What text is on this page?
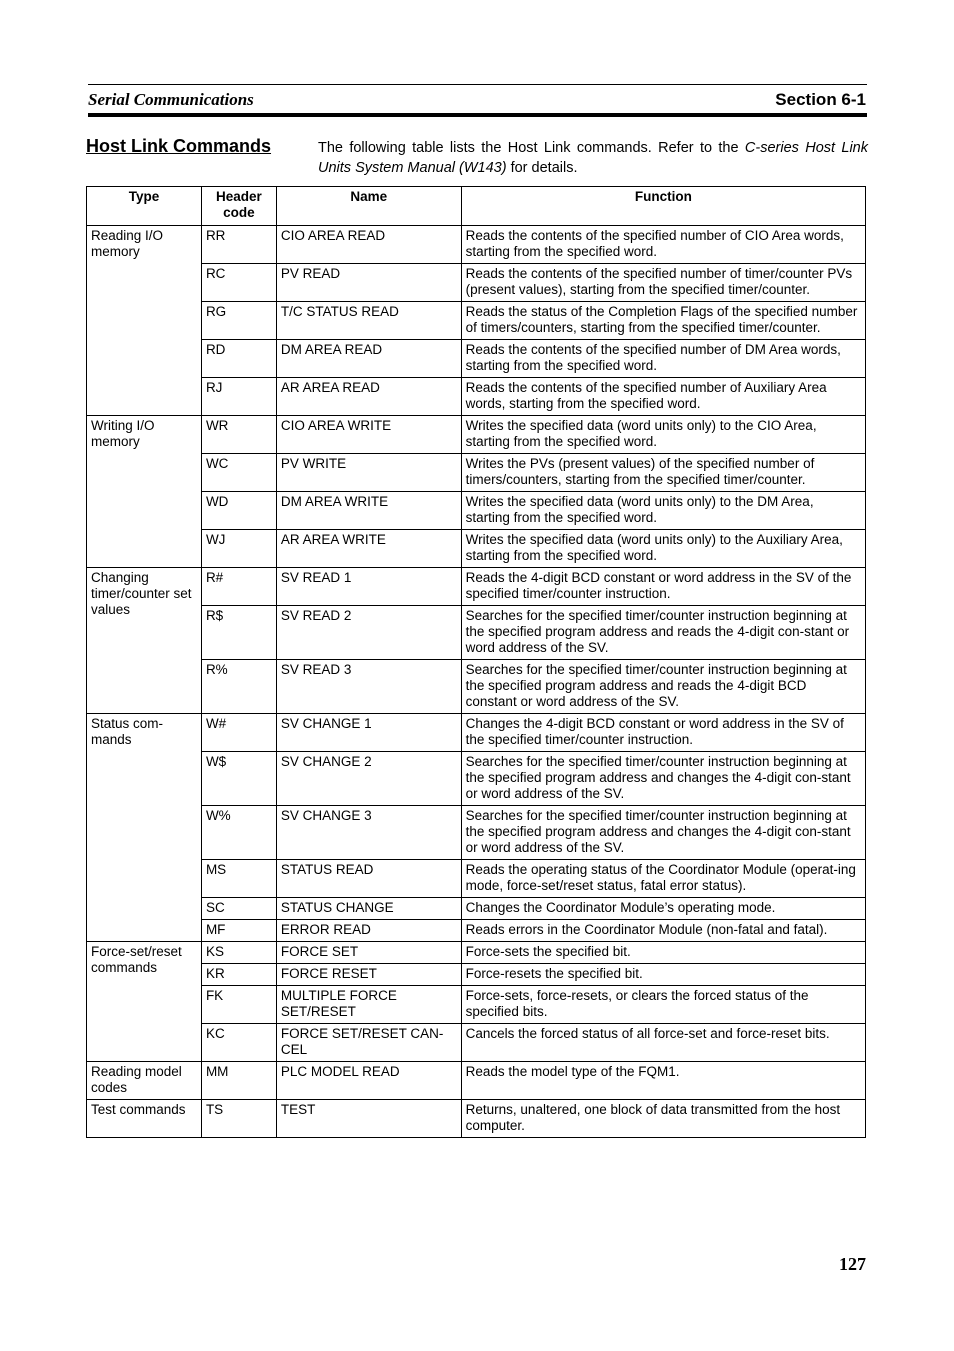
Serial Communications	Section 6-1
Host Link Commands	The following table lists the Host Link commands. Refer to the C-series Host Link Units System Manual (W143) for details.
Type	Header code	Name	Function
Reading I/O memory	RR	CIO AREA READ	Reads the contents of the specified number of CIO Area words, starting from the specified word.
	RC	PV READ	Reads the contents of the specified number of timer/counter PVs (present values), starting from the specified timer/counter.
	RG	T/C STATUS READ	Reads the status of the Completion Flags of the specified number of timers/counters, starting from the specified timer/counter.
	RD	DM AREA READ	Reads the contents of the specified number of DM Area words, starting from the specified word.
	RJ	AR AREA READ	Reads the contents of the specified number of Auxiliary Area words, starting from the specified word.
Writing I/O memory	WR	CIO AREA WRITE	Writes the specified data (word units only) to the CIO Area, starting from the specified word.
	WC	PV WRITE	Writes the PVs (present values) of the specified number of timers/counters, starting from the specified timer/counter.
	WD	DM AREA WRITE	Writes the specified data (word units only) to the DM Area, starting from the specified word.
	WJ	AR AREA WRITE	Writes the specified data (word units only) to the Auxiliary Area, starting from the specified word.
Changing timer/counter set values	R#	SV READ 1	Reads the 4-digit BCD constant or word address in the SV of the specified timer/counter instruction.
	R$	SV READ 2	Searches for the specified timer/counter instruction beginning at the specified program address and reads the 4-digit con-stant or word address of the SV.
	R%	SV READ 3	Searches for the specified timer/counter instruction beginning at the specified program address and reads the 4-digit BCD constant or word address of the SV.
Status com-mands	W#	SV CHANGE 1	Changes the 4-digit BCD constant or word address in the SV of the specified timer/counter instruction.
	W$	SV CHANGE 2	Searches for the specified timer/counter instruction beginning at the specified program address and changes the 4-digit con-stant or word address of the SV.
	W%	SV CHANGE 3	Searches for the specified timer/counter instruction beginning at the specified program address and changes the 4-digit con-stant or word address of the SV.
	MS	STATUS READ	Reads the operating status of the Coordinator Module (operat-ing mode, force-set/reset status, fatal error status).
	SC	STATUS CHANGE	Changes the Coordinator Module’s operating mode.
	MF	ERROR READ	Reads errors in the Coordinator Module (non-fatal and fatal).
Force-set/reset commands	KS	FORCE SET	Force-sets the specified bit.
	KR	FORCE RESET	Force-resets the specified bit.
	FK	MULTIPLE FORCE SET/RESET	Force-sets, force-resets, or clears the forced status of the specified bits.
	KC	FORCE SET/RESET CAN-CEL	Cancels the forced status of all force-set and force-reset bits.
Reading model codes	MM	PLC MODEL READ	Reads the model type of the FQM1.
Test commands	TS	TEST	Returns, unaltered, one block of data transmitted from the host computer.
127
